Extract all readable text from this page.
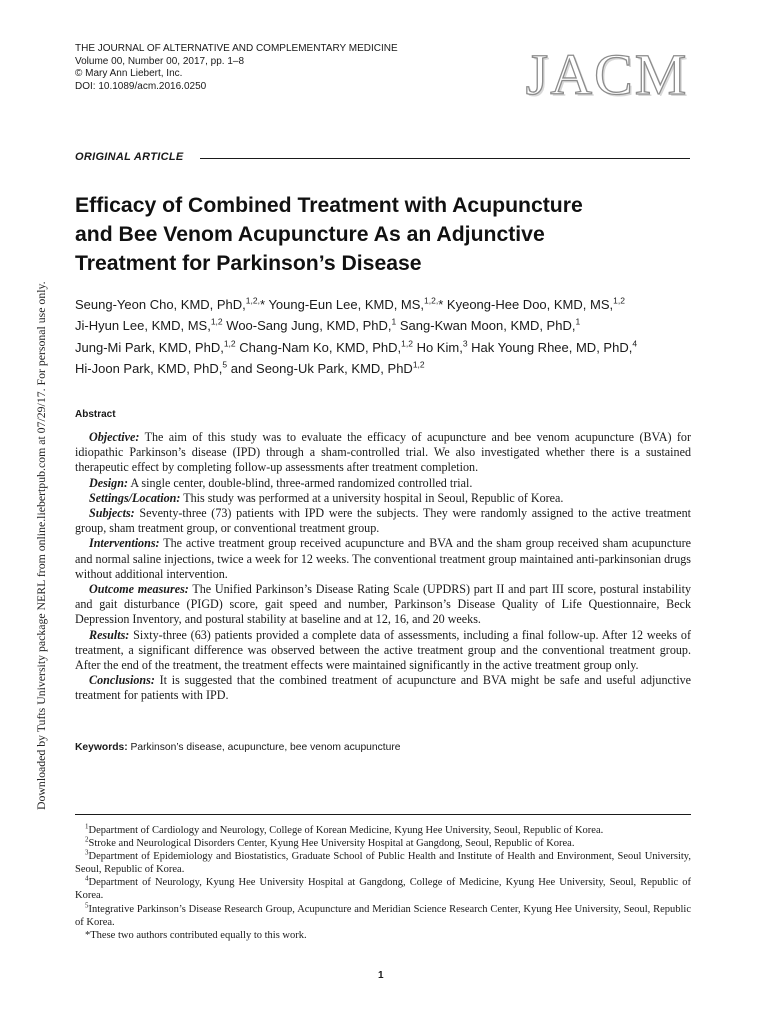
Downloaded by Tufts University package NERL from online.liebertpub.com at 07/29/17. For personal use only.
THE JOURNAL OF ALTERNATIVE AND COMPLEMENTARY MEDICINE
Volume 00, Number 00, 2017, pp. 1–8
© Mary Ann Liebert, Inc.
DOI: 10.1089/acm.2016.0250	JACM
ORIGINAL ARTICLE
Efficacy of Combined Treatment with Acupuncture
and Bee Venom Acupuncture As an Adjunctive
Treatment for Parkinson’s Disease
Seung-Yeon Cho, KMD, PhD,$^{1,2,}$* Young-Eun Lee, KMD, MS,$^{1,2,}$* Kyeong-Hee Doo, KMD, MS,$^{1,2}$
Ji-Hyun Lee, KMD, MS,$^{1,2}$ Woo-Sang Jung, KMD, PhD,$^1$ Sang-Kwan Moon, KMD, PhD,$^1$
Jung-Mi Park, KMD, PhD,$^{1,2}$ Chang-Nam Ko, KMD, PhD,$^{1,2}$ Ho Kim,$^3$ Hak Young Rhee, MD, PhD,$^4$
Hi-Joon Park, KMD, PhD,$^5$ and Seong-Uk Park, KMD, PhD$^{1,2}$
Abstract

Objective: The aim of this study was to evaluate the efficacy of acupuncture and bee venom acupuncture (BVA) for idiopathic Parkinson’s disease (IPD) through a sham-controlled trial. We also investigated whether there is a sustained therapeutic effect by completing follow-up assessments after treatment completion.

Design: A single center, double-blind, three-armed randomized controlled trial.

Settings/Location: This study was performed at a university hospital in Seoul, Republic of Korea.

Subjects: Seventy-three (73) patients with IPD were the subjects. They were randomly assigned to the active treatment group, sham treatment group, or conventional treatment group.

Interventions: The active treatment group received acupuncture and BVA and the sham group received sham acupuncture and normal saline injections, twice a week for 12 weeks. The conventional treatment group maintained anti-parkinsonian drugs without additional intervention.

Outcome measures: The Unified Parkinson’s Disease Rating Scale (UPDRS) part II and part III score, postural instability and gait disturbance (PIGD) score, gait speed and number, Parkinson’s Disease Quality of Life Questionnaire, Beck Depression Inventory, and postural stability at baseline and at 12, 16, and 20 weeks.

Results: Sixty-three (63) patients provided a complete data of assessments, including a final follow-up. After 12 weeks of treatment, a significant difference was observed between the active treatment group and the conventional treatment group. After the end of the treatment, the treatment effects were maintained significantly in the active treatment group only.

Conclusions: It is suggested that the combined treatment of acupuncture and BVA might be safe and useful adjunctive treatment for patients with IPD.

Keywords: Parkinson’s disease, acupuncture, bee venom acupuncture

$^1$Department of Cardiology and Neurology, College of Korean Medicine, Kyung Hee University, Seoul, Republic of Korea.

$^2$Stroke and Neurological Disorders Center, Kyung Hee University Hospital at Gangdong, Seoul, Republic of Korea.

$^3$Department of Epidemiology and Biostatistics, Graduate School of Public Health and Institute of Health and Environment, Seoul University, Seoul, Republic of Korea.

$^4$Department of Neurology, Kyung Hee University Hospital at Gangdong, College of Medicine, Kyung Hee University, Seoul, Republic of Korea.

$^5$Integrative Parkinson’s Disease Research Group, Acupuncture and Meridian Science Research Center, Kyung Hee University, Seoul, Republic of Korea.

*These two authors contributed equally to this work.

1
